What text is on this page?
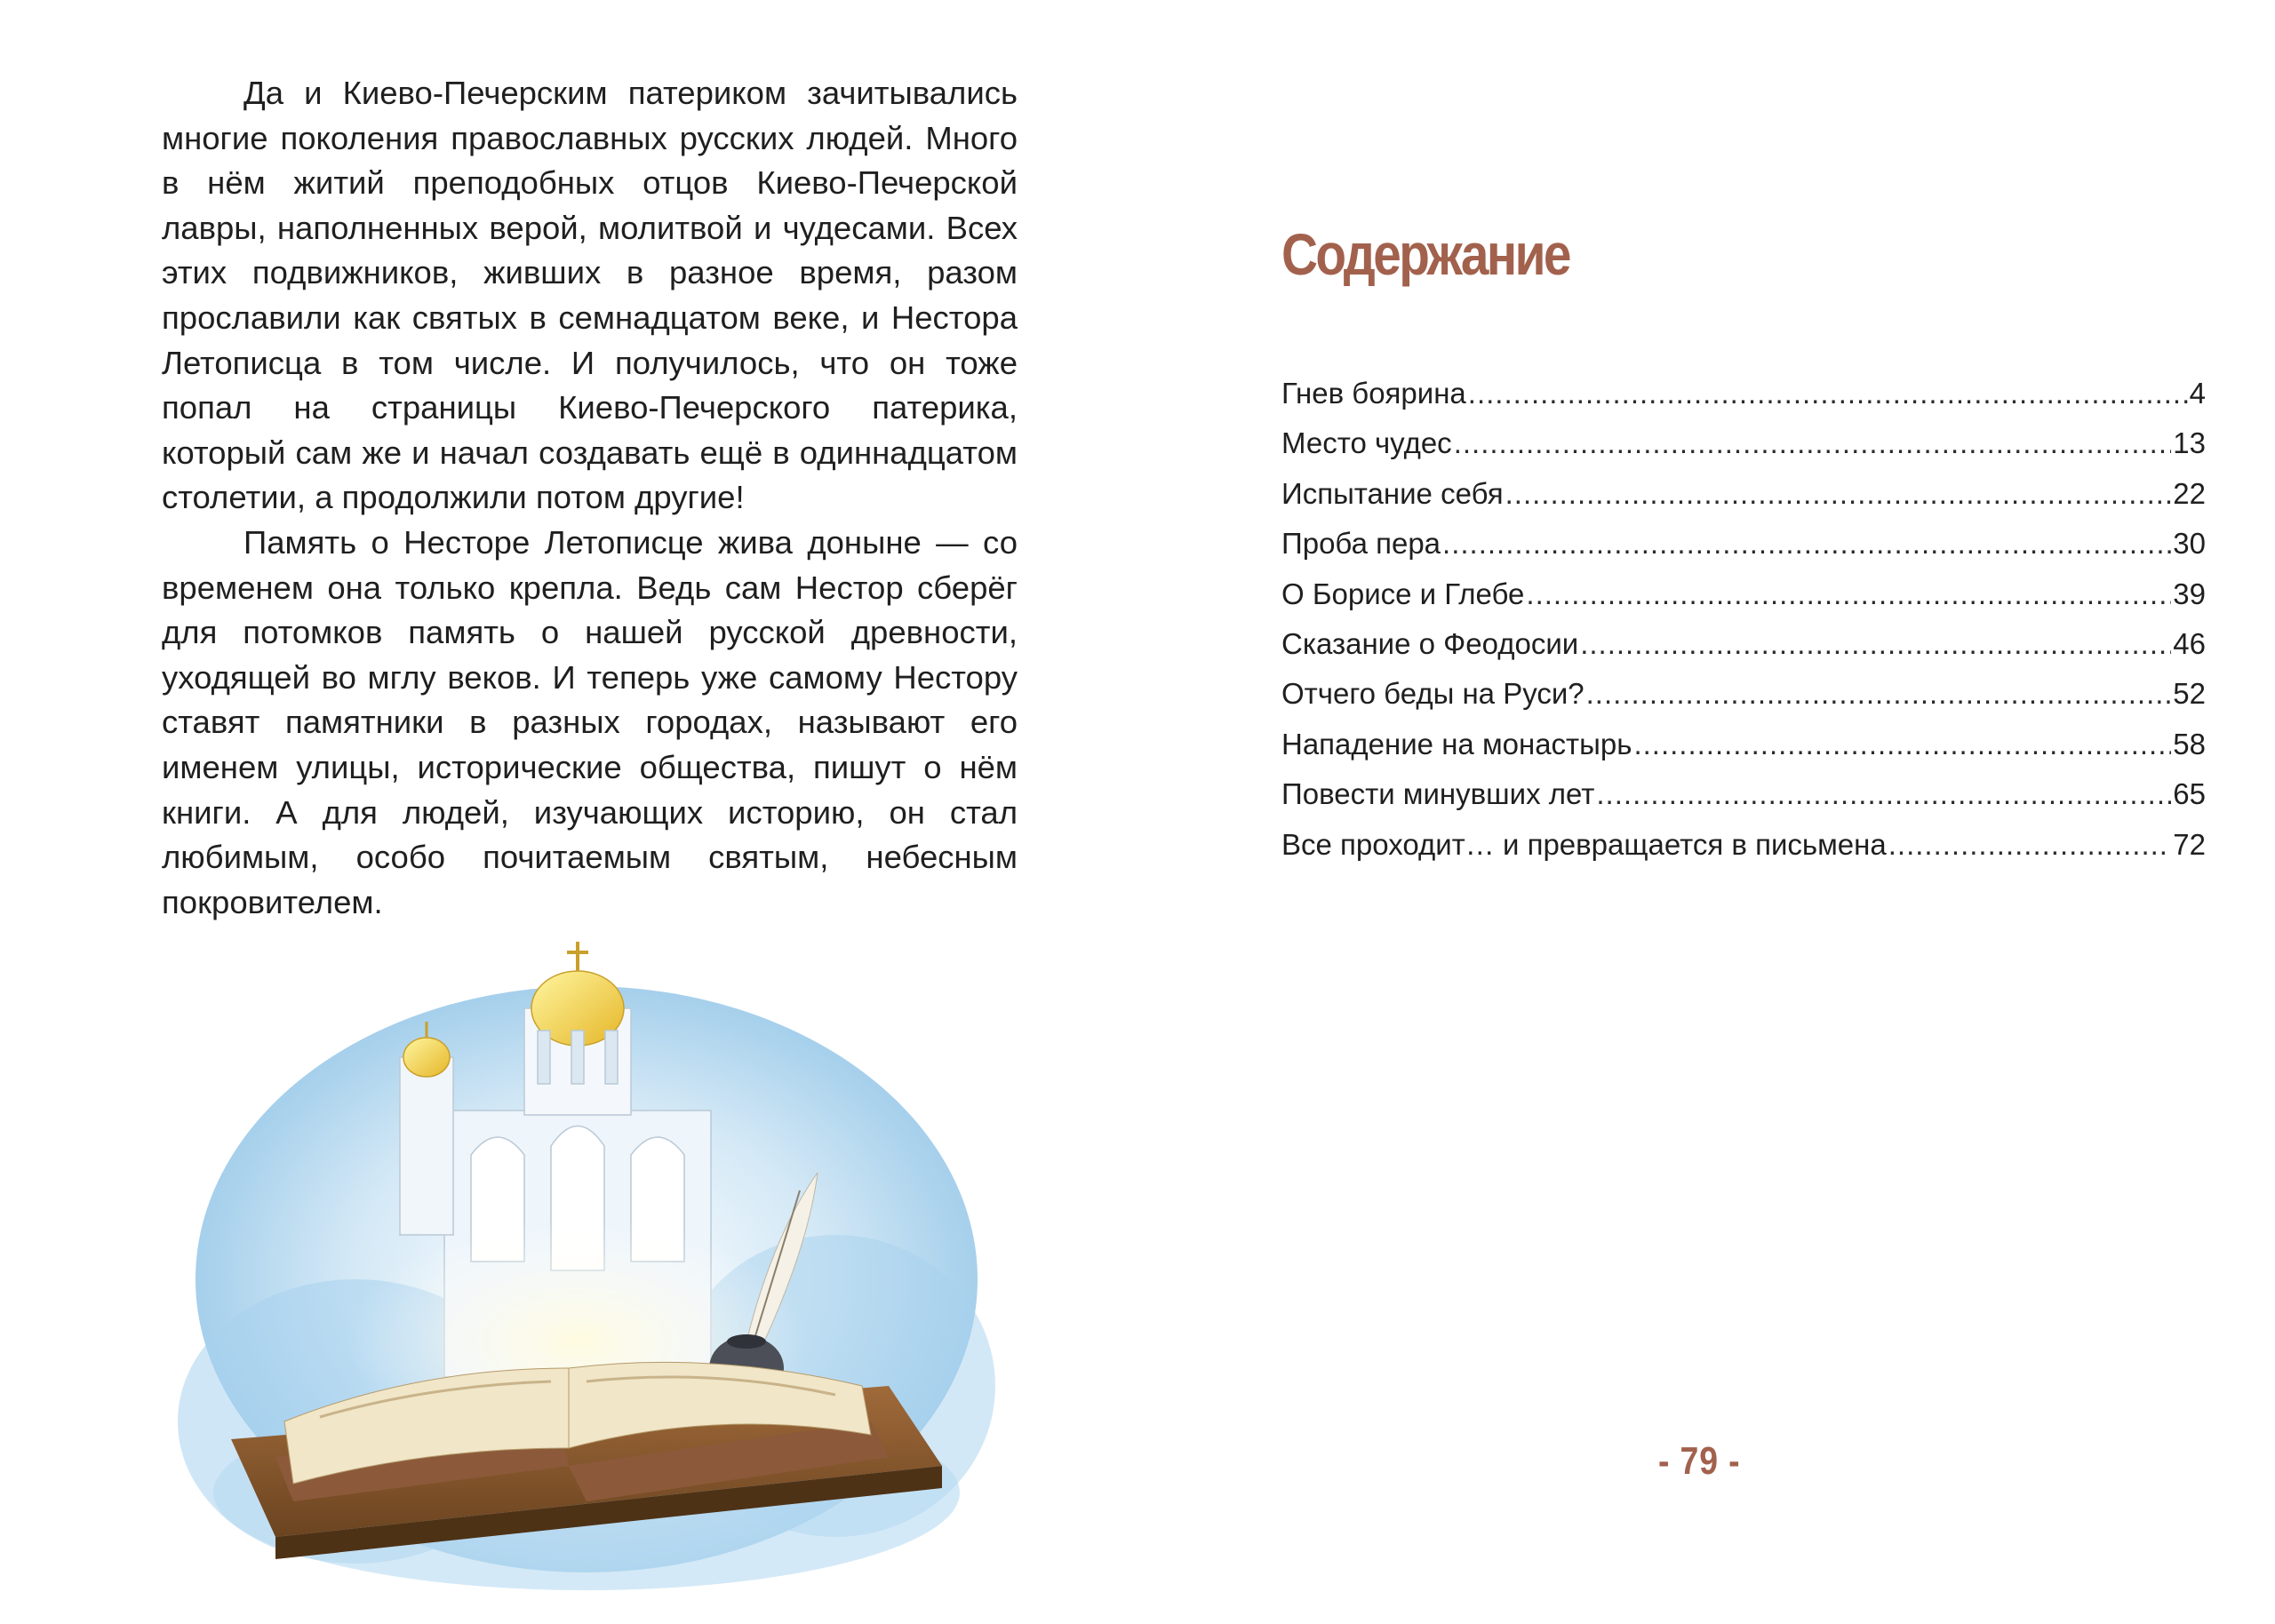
Да и Киево-Печерским патериком зачитывались многие поколения православных русских людей. Много в нём житий преподобных отцов Киево-Печерской лавры, наполненных верой, молитвой и чудесами. Всех этих подвижников, живших в разное время, разом прославили как святых в семнадцатом веке, и Нестора Летописца в том числе. И получилось, что он тоже попал на страницы Киево-Печерского патерика, который сам же и начал создавать ещё в одиннадцатом столетии, а продолжили потом другие!

Память о Несторе Летописце жива доныне — со временем она только крепла. Ведь сам Нестор сберёг для потомков память о нашей русской древности, уходящей во мглу веков. И теперь уже самому Нестору ставят памятники в разных городах, называют его именем улицы, исторические общества, пишут о нём книги. А для людей, изучающих историю, он стал любимым, особо почитаемым святым, небесным покровителем.

Содержание
Гнев боярина .....	4
Место чудес .....	13
Испытание себя .....	22
Проба пера .....	30
О Борисе и Глебе .....	39
Сказание о Феодосии .....	46
Отчего беды на Руси? .....	52
Нападение на монастырь .....	58
Повести минувших лет .....	65
Все проходит… и превращается в письмена .....	72
- 79 -
